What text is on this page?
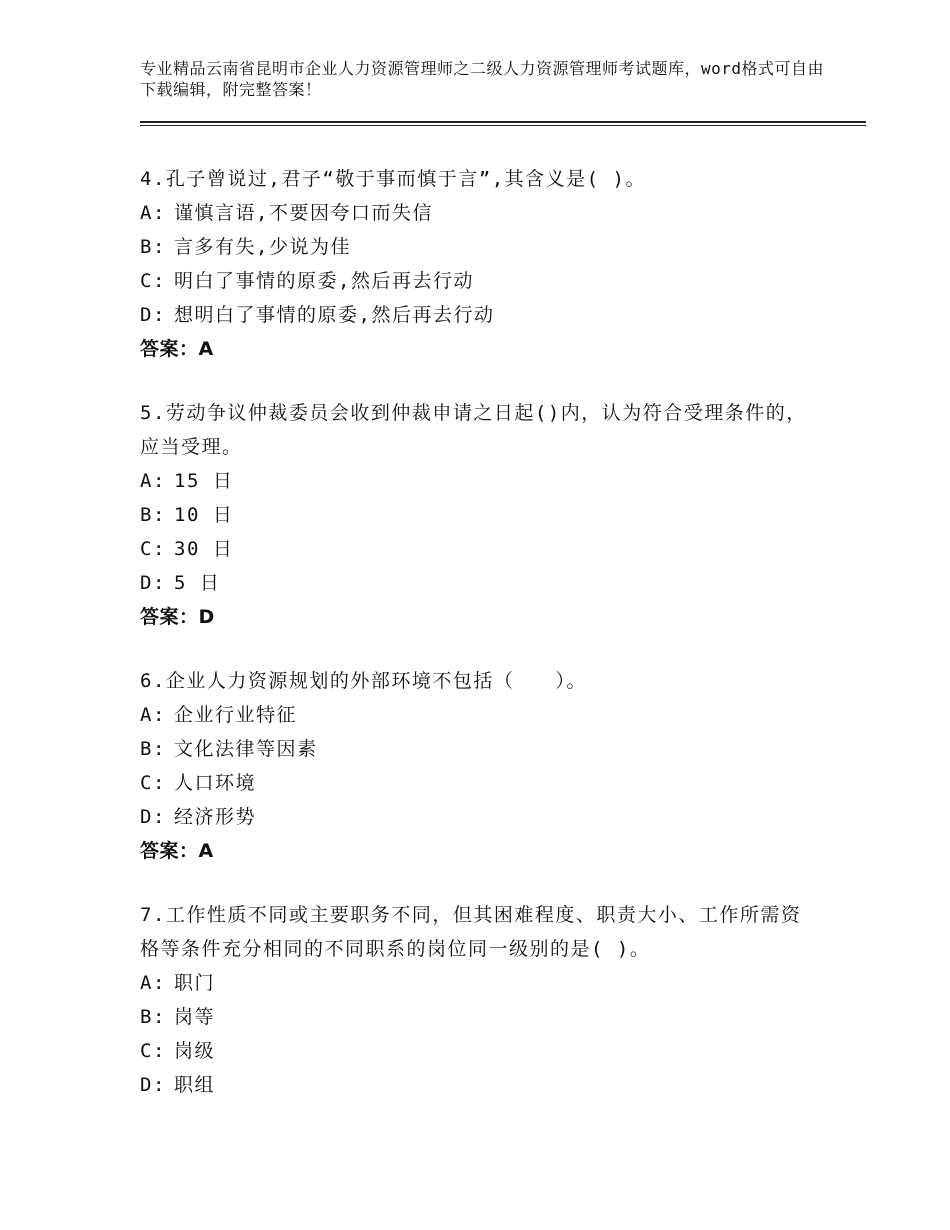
专业精品云南省昆明市企业人力资源管理师之二级人力资源管理师考试题库，word格式可自由下载编辑，附完整答案！
4.孔子曾说过,君子“敬于事而慎于言”,其含义是( )。
A: 谨慎言语,不要因夸口而失信
B: 言多有失,少说为佳
C: 明白了事情的原委,然后再去行动
D: 想明白了事情的原委,然后再去行动
答案：A
5.劳动争议仲裁委员会收到仲裁申请之日起()内，认为符合受理条件的，应当受理。
A: 15 日
B: 10 日
C: 30 日
D: 5 日
答案：D
6.企业人力资源规划的外部环境不包括（　　）。
A: 企业行业特征
B: 文化法律等因素
C: 人口环境
D: 经济形势
答案：A
7.工作性质不同或主要职务不同，但其困难程度、职责大小、工作所需资格等条件充分相同的不同职系的岗位同一级别的是( )。
A: 职门
B: 岗等
C: 岗级
D: 职组
